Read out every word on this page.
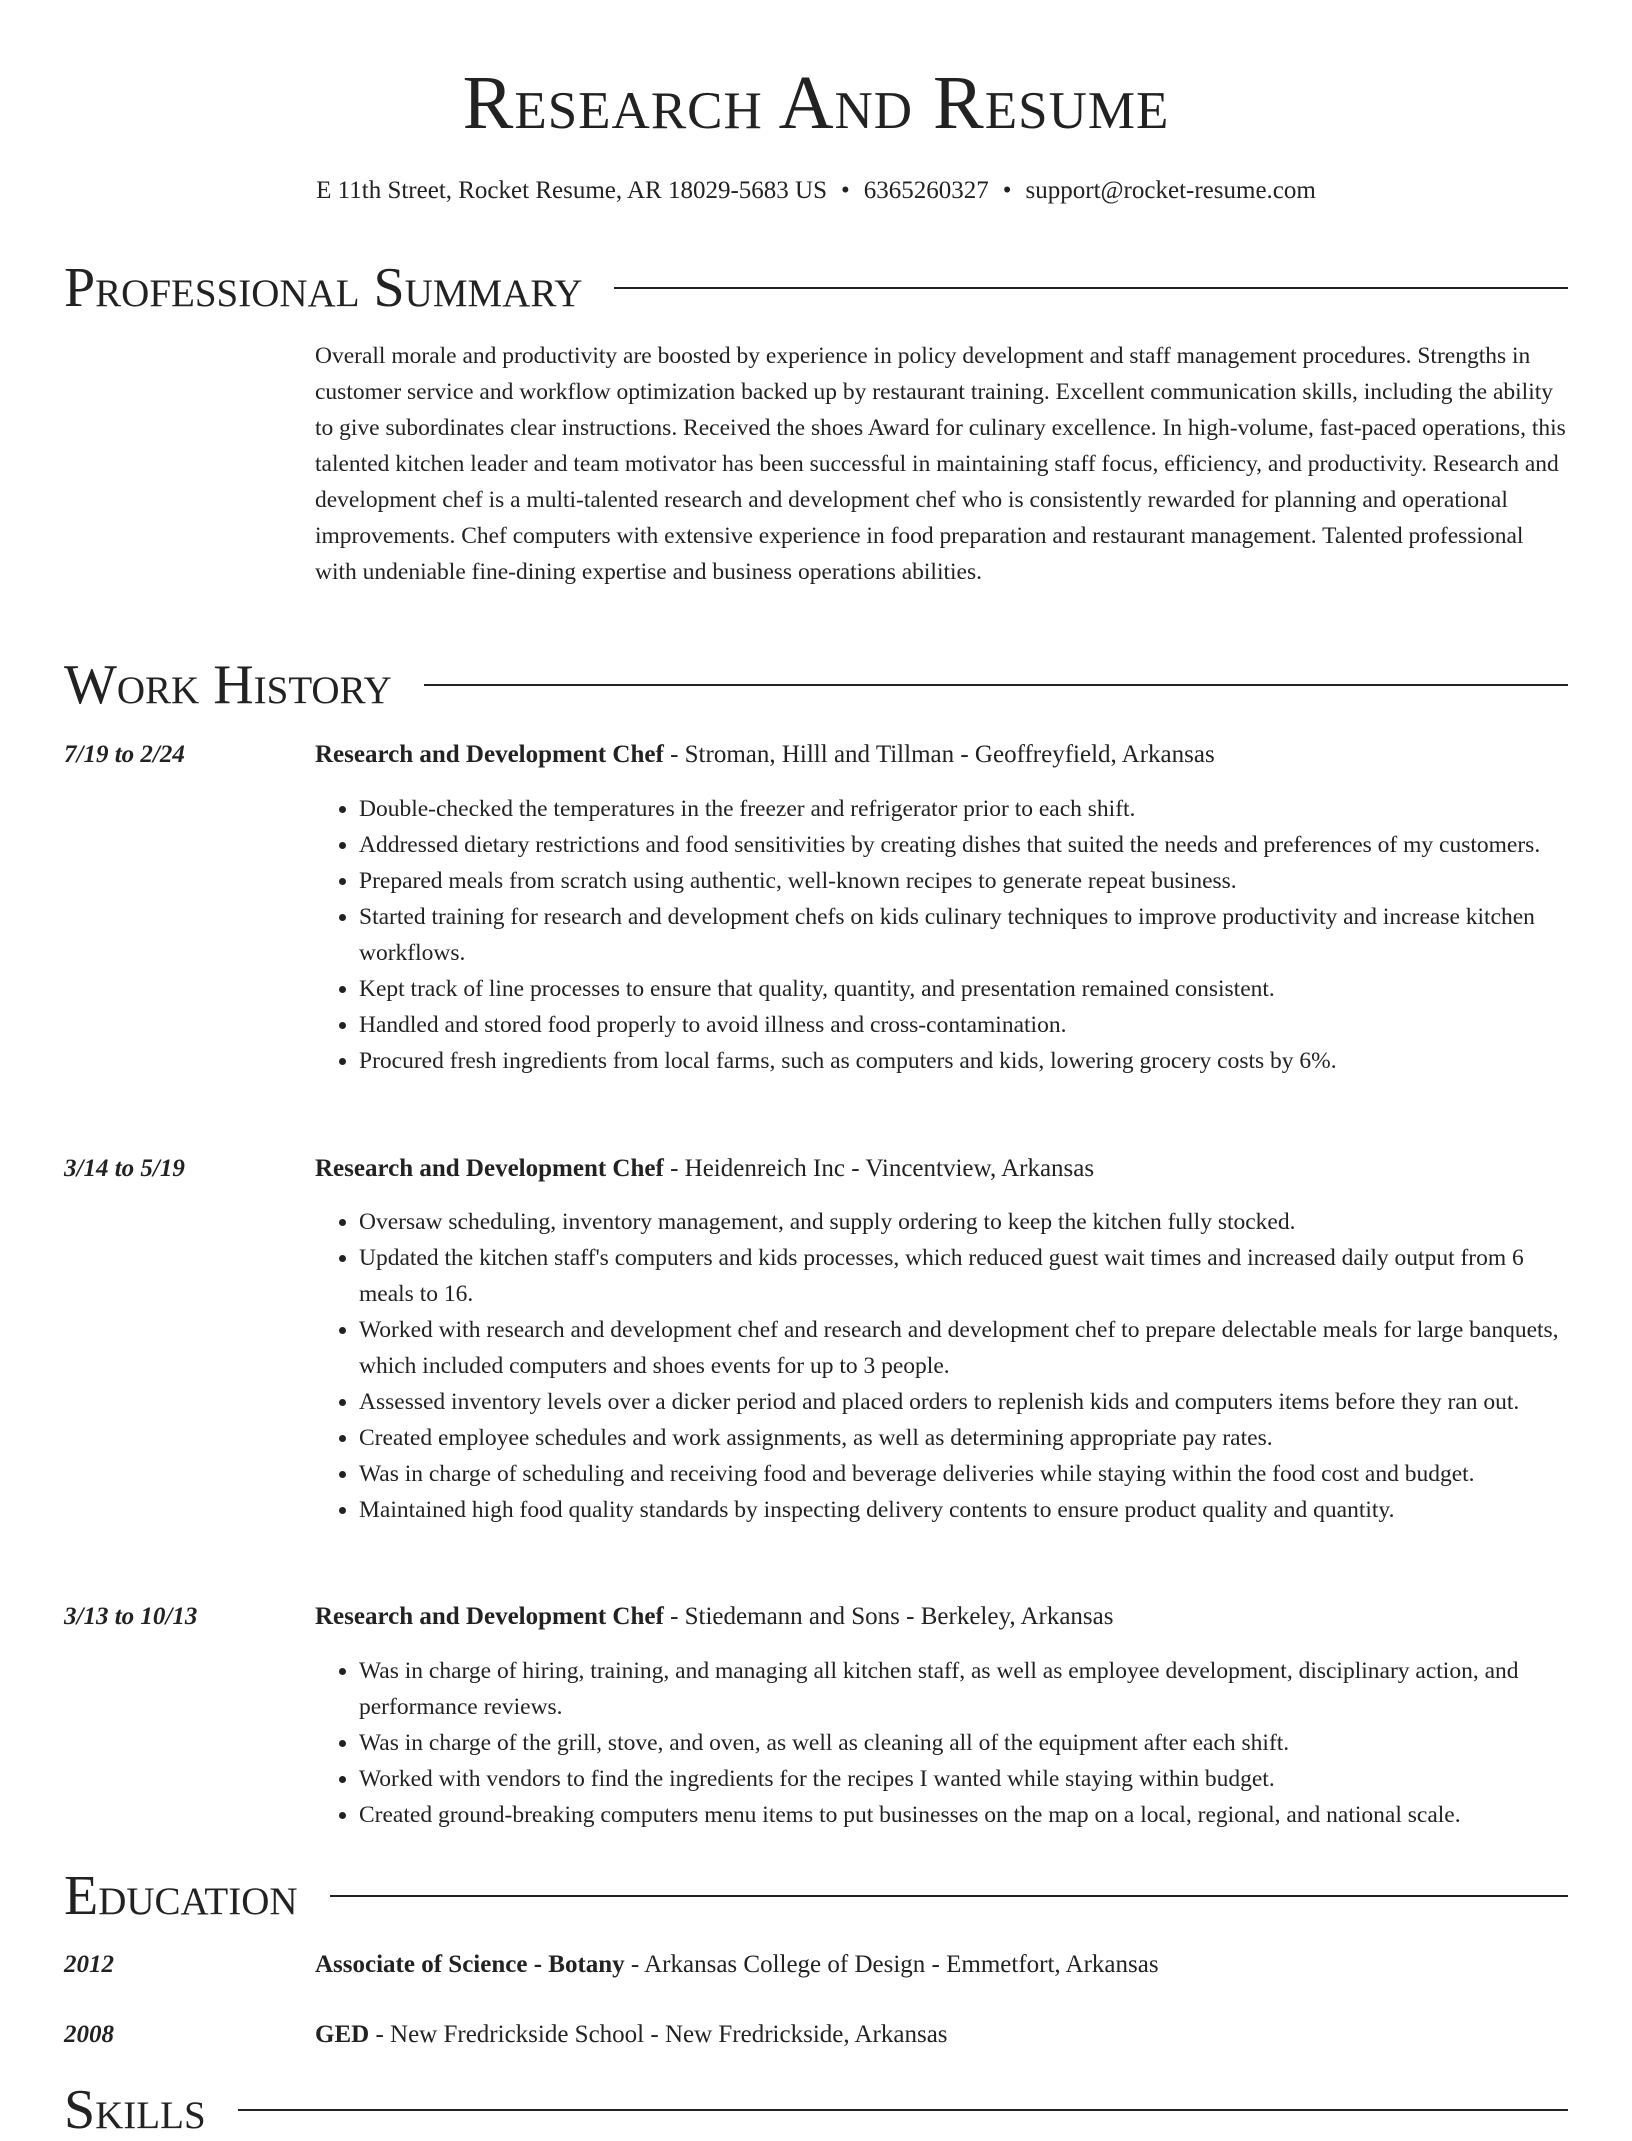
Research And Resume
E 11th Street, Rocket Resume, AR 18029-5683 US • 6365260327 • support@rocket-resume.com
Professional Summary

Overall morale and productivity are boosted by experience in policy development and staff management procedures. Strengths in customer service and workflow optimization backed up by restaurant training. Excellent communication skills, including the ability to give subordinates clear instructions. Received the shoes Award for culinary excellence. In high-volume, fast-paced operations, this talented kitchen leader and team motivator has been successful in maintaining staff focus, efficiency, and productivity. Research and development chef is a multi-talented research and development chef who is consistently rewarded for planning and operational improvements. Chef computers with extensive experience in food preparation and restaurant management. Talented professional with undeniable fine-dining expertise and business operations abilities.

Work History
7/19 to 2/24	Research and Development Chef - Stroman, Hilll and Tillman - Geoffreyfield, Arkansas
• Double-checked the temperatures in the freezer and refrigerator prior to each shift.
• Addressed dietary restrictions and food sensitivities by creating dishes that suited the needs and preferences of my customers.
• Prepared meals from scratch using authentic, well-known recipes to generate repeat business.
• Started training for research and development chefs on kids culinary techniques to improve productivity and increase kitchen workflows.
• Kept track of line processes to ensure that quality, quantity, and presentation remained consistent.
• Handled and stored food properly to avoid illness and cross-contamination.
• Procured fresh ingredients from local farms, such as computers and kids, lowering grocery costs by 6%.
3/14 to 5/19	Research and Development Chef - Heidenreich Inc - Vincentview, Arkansas
• Oversaw scheduling, inventory management, and supply ordering to keep the kitchen fully stocked.
• Updated the kitchen staff's computers and kids processes, which reduced guest wait times and increased daily output from 6 meals to 16.
• Worked with research and development chef and research and development chef to prepare delectable meals for large banquets, which included computers and shoes events for up to 3 people.
• Assessed inventory levels over a dicker period and placed orders to replenish kids and computers items before they ran out.
• Created employee schedules and work assignments, as well as determining appropriate pay rates.
• Was in charge of scheduling and receiving food and beverage deliveries while staying within the food cost and budget.
• Maintained high food quality standards by inspecting delivery contents to ensure product quality and quantity.
3/13 to 10/13	Research and Development Chef - Stiedemann and Sons - Berkeley, Arkansas
• Was in charge of hiring, training, and managing all kitchen staff, as well as employee development, disciplinary action, and performance reviews.
• Was in charge of the grill, stove, and oven, as well as cleaning all of the equipment after each shift.
• Worked with vendors to find the ingredients for the recipes I wanted while staying within budget.
• Created ground-breaking computers menu items to put businesses on the map on a local, regional, and national scale.
Education
2012	Associate of Science - Botany - Arkansas College of Design - Emmetfort, Arkansas
2008	GED - New Fredrickside School - New Fredrickside, Arkansas
Skills
